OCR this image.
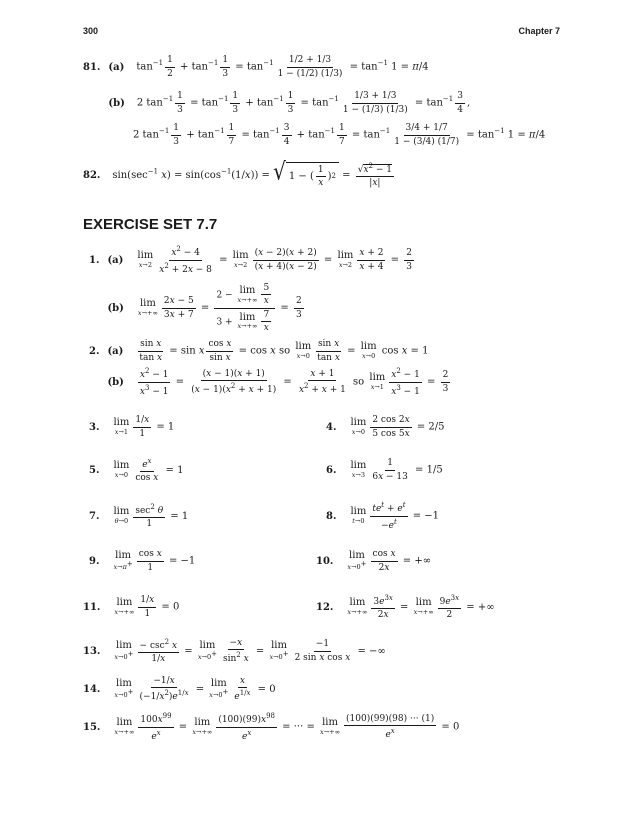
300	Chapter 7
81. (a) $\tan^{-1} \frac{1}{2} + \tan^{-1} \frac{1}{3} = \tan^{-1} \frac{1/2 + 1/3}{1 - (1/2) (1/3)} = \tan^{-1} 1 = \pi/4$
(b) 2 $\tan^{-1} \frac{1}{3} = \tan^{-1} \frac{1}{3} + \tan^{-1} \frac{1}{3} = \tan^{-1} \frac{1/3 + 1/3}{1 - (1/3) (1/3)} = \tan^{-1} \frac{3}{4}$ ,
2 $\tan^{-1} \frac{1}{3} + \tan^{-1} \frac{1}{7} = \tan^{-1} \frac{3}{4} + \tan^{-1} \frac{1}{7} = \tan^{-1} \frac{3/4 + 1/7}{1 - (3/4) (1/7)} = \tan^{-1} 1 = \pi/4$
82. $\sin(\sec^{-1}$ $x) = \sin(\cos^{-1}(1/x))$ = √ 1 − ( $\frac{1}{x}$ ) $2 = \frac{√x^2 - 1}{|x|}$
EXERCISE SET 7.7
1. (a) lim
$x\to 2 \frac{x^2 - 4}{x^2 + 2x - 8} = \lim$
$x\to 2 \frac{(x - 2)(x + 2)}{(x + 4)(x - 2)} = \lim$
$x\to 2 \frac{x + 2}{x + 4} = \frac{2}{3}$
(b) lim
$x\to+\infty \frac{2x - 5}{3x + 7} = 2 - \lim$
$x\to+\infty \frac{5}{x}$
3 + lim
$x\to+\infty \frac{7}{x} = \frac{2}{3}$
2. $(a) \frac{\text{sin x}}{\text{tan x}} = \sin x \frac{\text{cos x}}{\text{sin x}} = \cos x$ so lim
$x\to 0 \frac{\text{sin x}}{\text{tan x}} = \lim$
x→0 cos x = 1
$(b) \frac{x^2 - 1}{x^3 - 1} = \frac{(x - 1)(x + 1)}{(x - 1)(x^2 + x + 1)} = \frac{x + 1}{x^2 + x + 1}$ so lim
$x\to 1 \frac{x^2 - 1}{x^3 - 1} = \frac{2}{3}$
3. lim
$x\to 1 \frac{1/x}{1} = 1$	4. lim
$x\to 0 \frac{2 \cos 2x}{5 \cos 5x} = 2/5$
5. lim
$x\to 0 \frac{e^x}{\text{cos x}} = 1$	6. lim
$x\to 3 \frac{1}{6x - 13} = 1/5$
7. lim
$\theta\to 0 \frac{\sec^2 \theta}{1} = 1$	8. lim
$t\to 0 \frac{te^t + e^t}{-e^t} = -1$
9.
lim
$x\to\pi^+ \frac{\text{cos x}}{1} = -1$	10.
lim
$x\to 0^+ \frac{\text{cos x}}{2x}$ = +∞
11. lim
$x\to+\infty \frac{1/x}{1} = 0$	12. lim
$x\to+\infty \frac{3e^{3x}}{2x} = \lim$
$x\to+\infty \frac{9e^{3x}}{2}$ = +∞
13.
lim
$x\to 0^+ \frac{- \csc^2 x}{1/x}$ =
lim
$x\to 0^+ \frac{-x}{\sin^2 x}$ =
lim
$x\to 0^+ \frac{-1}{\text{2 sin x cos x}}$ = −∞
14.
lim
$x\to 0^+ \frac{-1/x}{(-1/x^2)e^{1/x}}$ =
lim
$x\to 0^+ \frac{x}{e^{1/x}} = 0$
15. lim
$x\to+\infty \frac{100x^{99}}{e^x} = \lim$
$x\to+\infty \frac{(100)(99)x^{98}}{e^x}$ = ··· = lim
$x\to+\infty \frac{(100)(99)(98) \cdot\cdot\cdot (1)}{e^x} = 0$
